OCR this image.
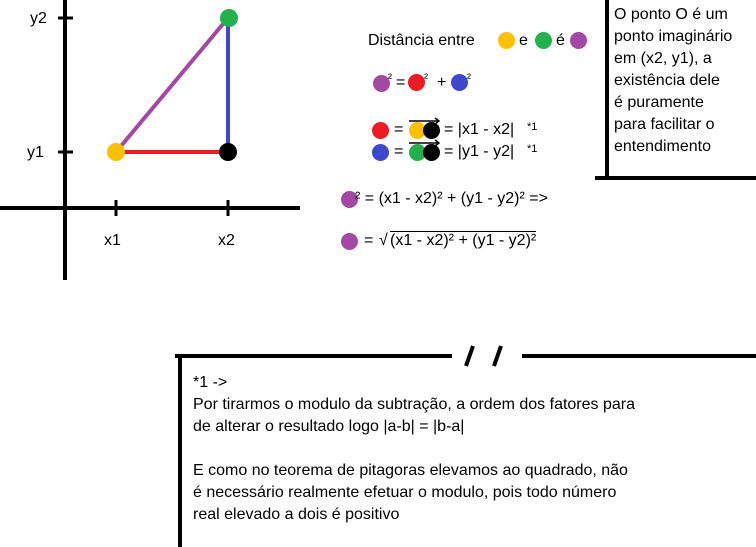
y2
y1
x1	x2
Distância entre	e é
² = ² + ²
=	= |x1 - x2| *1
=	= |y1 - y2| *1
² = (x1 - x2)² + (y1 - y2)² =>
= √ (x1 - x2)² + (y1 - y2)²
O ponto O é um
ponto imaginário
em (x2, y1), a
existência dele
é puramente
para facilitar o
entendimento
*1 ->
Por tirarmos o modulo da subtração, a ordem dos fatores para
de alterar o resultado logo |a-b| = |b-a|
E como no teorema de pitagoras elevamos ao quadrado, não
é necessário realmente efetuar o modulo, pois todo número
real elevado a dois é positivo
